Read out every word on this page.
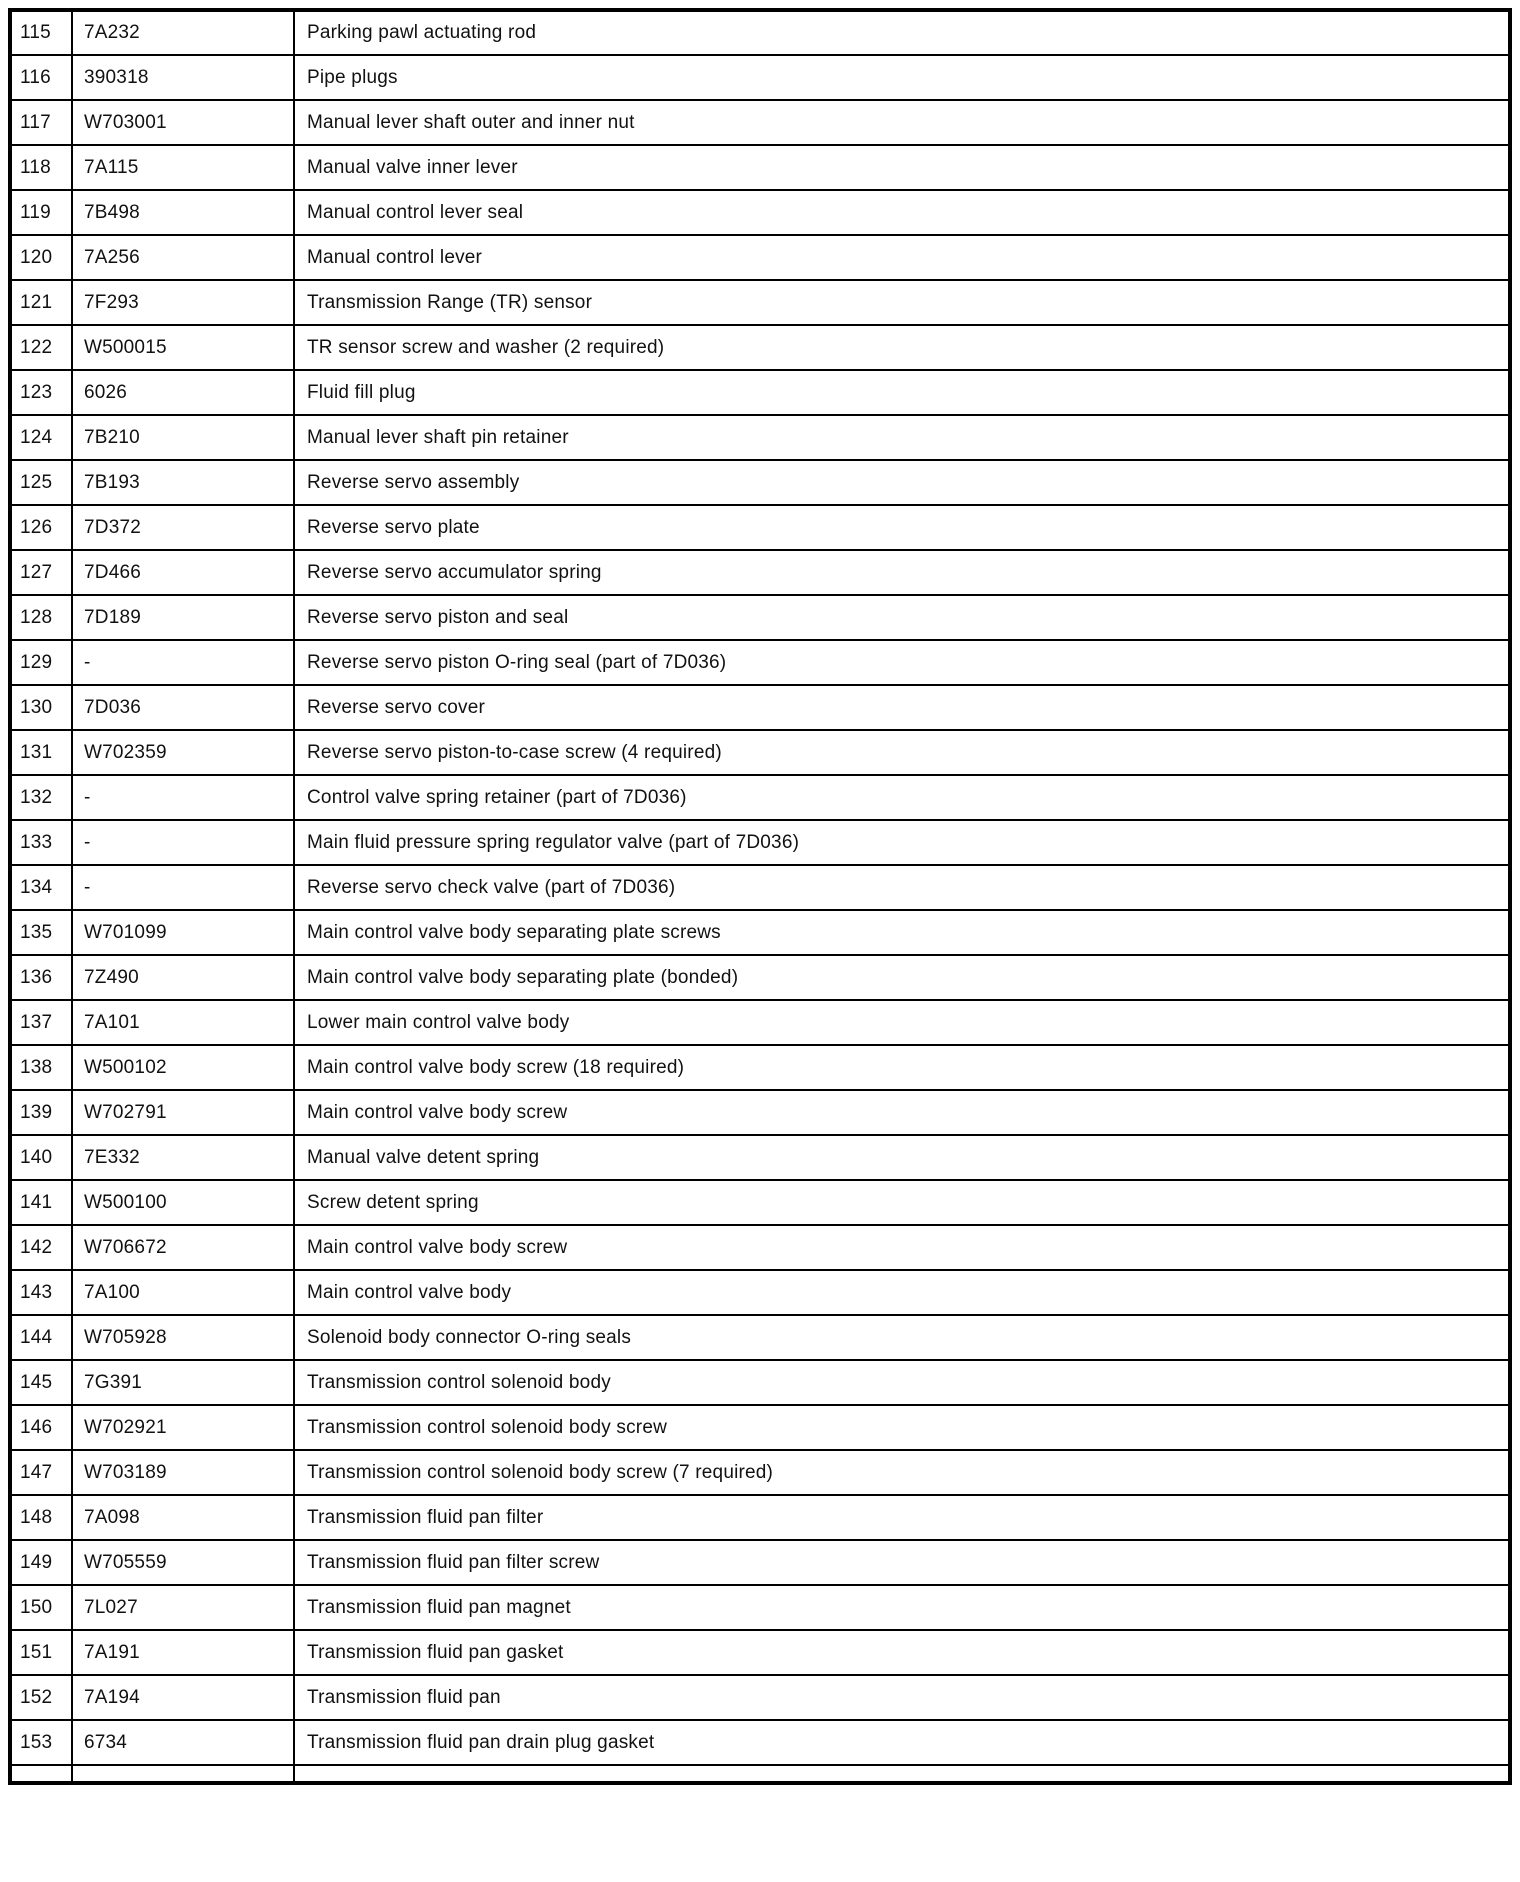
115	7A232	Parking pawl actuating rod
116	390318	Pipe plugs
117	W703001	Manual lever shaft outer and inner nut
118	7A115	Manual valve inner lever
119	7B498	Manual control lever seal
120	7A256	Manual control lever
121	7F293	Transmission Range (TR) sensor
122	W500015	TR sensor screw and washer (2 required)
123	6026	Fluid fill plug
124	7B210	Manual lever shaft pin retainer
125	7B193	Reverse servo assembly
126	7D372	Reverse servo plate
127	7D466	Reverse servo accumulator spring
128	7D189	Reverse servo piston and seal
129	-	Reverse servo piston O-ring seal (part of 7D036)
130	7D036	Reverse servo cover
131	W702359	Reverse servo piston-to-case screw (4 required)
132	-	Control valve spring retainer (part of 7D036)
133	-	Main fluid pressure spring regulator valve (part of 7D036)
134	-	Reverse servo check valve (part of 7D036)
135	W701099	Main control valve body separating plate screws
136	7Z490	Main control valve body separating plate (bonded)
137	7A101	Lower main control valve body
138	W500102	Main control valve body screw (18 required)
139	W702791	Main control valve body screw
140	7E332	Manual valve detent spring
141	W500100	Screw detent spring
142	W706672	Main control valve body screw
143	7A100	Main control valve body
144	W705928	Solenoid body connector O-ring seals
145	7G391	Transmission control solenoid body
146	W702921	Transmission control solenoid body screw
147	W703189	Transmission control solenoid body screw (7 required)
148	7A098	Transmission fluid pan filter
149	W705559	Transmission fluid pan filter screw
150	7L027	Transmission fluid pan magnet
151	7A191	Transmission fluid pan gasket
152	7A194	Transmission fluid pan
153	6734	Transmission fluid pan drain plug gasket
